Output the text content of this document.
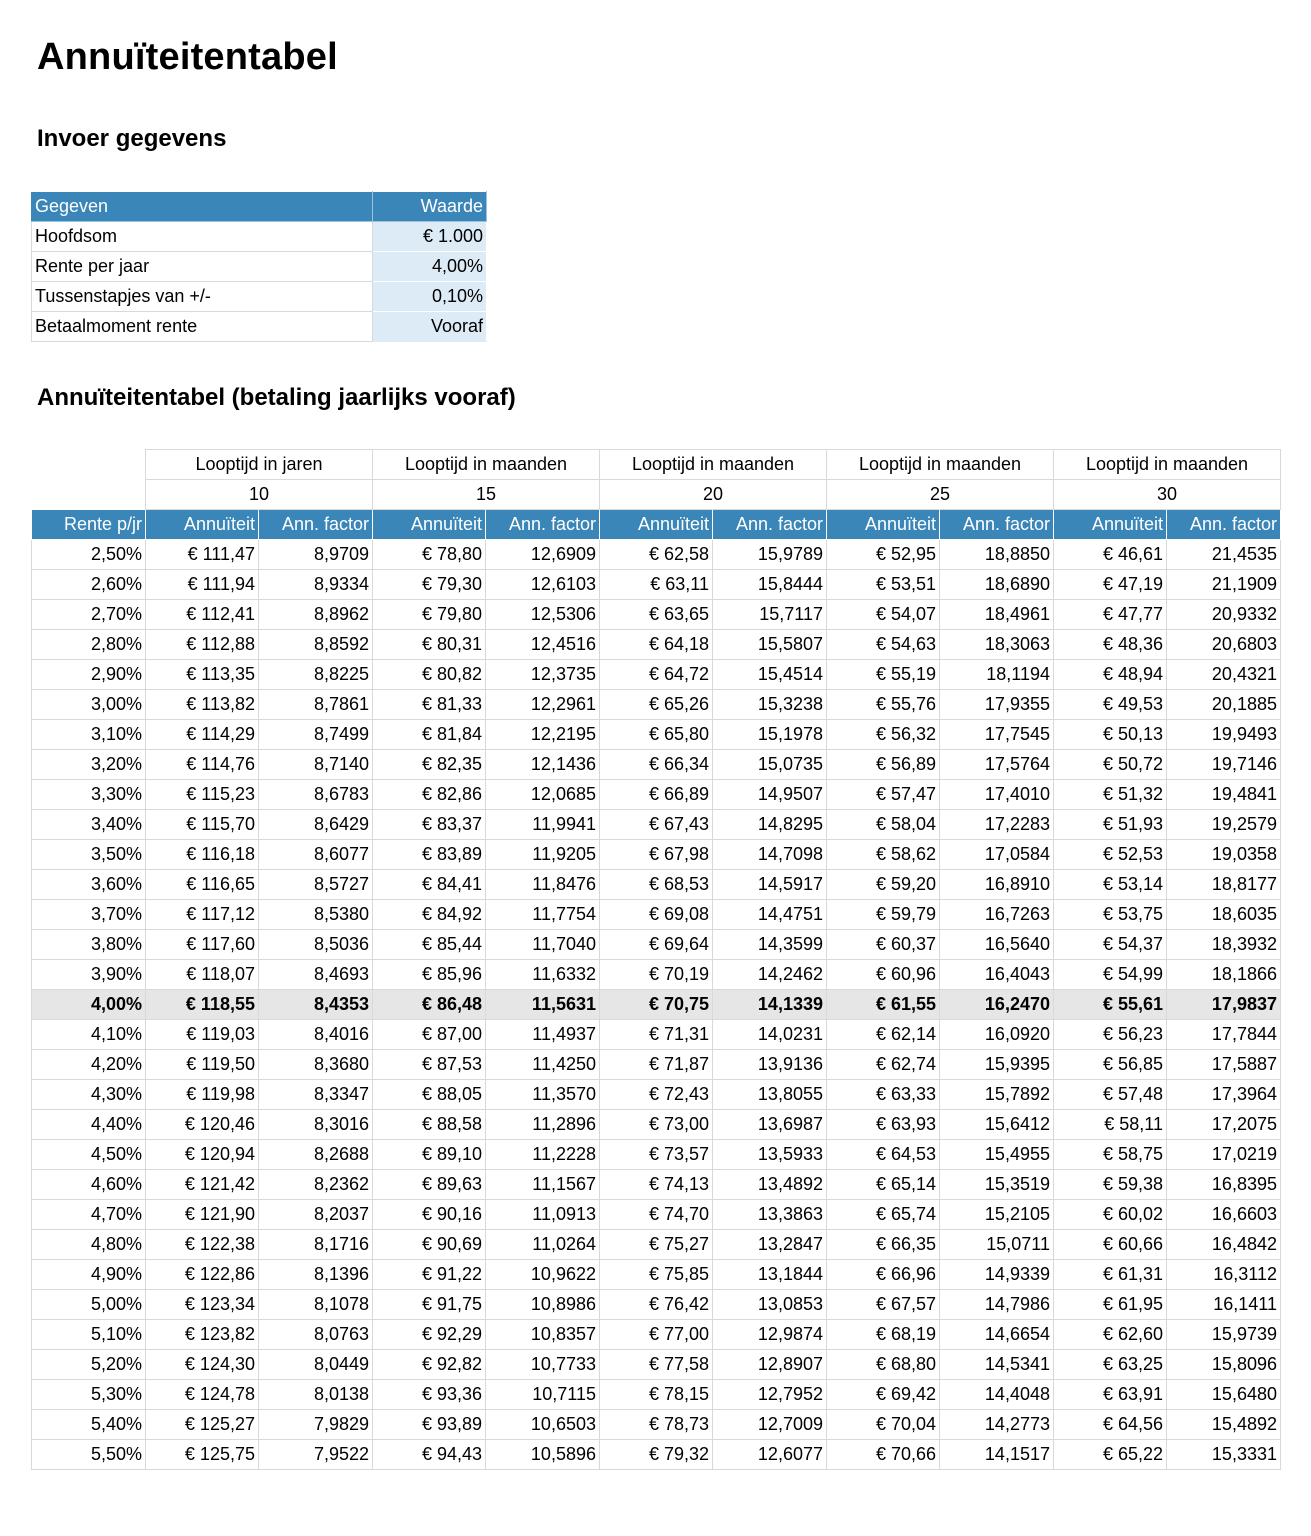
Annuïteitentabel
Invoer gegevens
Gegeven	Waarde
Hoofdsom	€ 1.000
Rente per jaar	4,00%
Tussenstapjes van +/-	0,10%
Betaalmoment rente	Vooraf
Annuïteitentabel (betaling jaarlijks vooraf)
	Looptijd in jaren		Looptijd in maanden		Looptijd in maanden		Looptijd in maanden		Looptijd in maanden	
	10		15		20		25		30	
Rente p/jr	Annuïteit	Ann. factor	Annuïteit	Ann. factor	Annuïteit	Ann. factor	Annuïteit	Ann. factor	Annuïteit	Ann. factor
2,50%	€ 111,47	8,9709	€ 78,80	12,6909	€ 62,58	15,9789	€ 52,95	18,8850	€ 46,61	21,4535
2,60%	€ 111,94	8,9334	€ 79,30	12,6103	€ 63,11	15,8444	€ 53,51	18,6890	€ 47,19	21,1909
2,70%	€ 112,41	8,8962	€ 79,80	12,5306	€ 63,65	15,7117	€ 54,07	18,4961	€ 47,77	20,9332
2,80%	€ 112,88	8,8592	€ 80,31	12,4516	€ 64,18	15,5807	€ 54,63	18,3063	€ 48,36	20,6803
2,90%	€ 113,35	8,8225	€ 80,82	12,3735	€ 64,72	15,4514	€ 55,19	18,1194	€ 48,94	20,4321
3,00%	€ 113,82	8,7861	€ 81,33	12,2961	€ 65,26	15,3238	€ 55,76	17,9355	€ 49,53	20,1885
3,10%	€ 114,29	8,7499	€ 81,84	12,2195	€ 65,80	15,1978	€ 56,32	17,7545	€ 50,13	19,9493
3,20%	€ 114,76	8,7140	€ 82,35	12,1436	€ 66,34	15,0735	€ 56,89	17,5764	€ 50,72	19,7146
3,30%	€ 115,23	8,6783	€ 82,86	12,0685	€ 66,89	14,9507	€ 57,47	17,4010	€ 51,32	19,4841
3,40%	€ 115,70	8,6429	€ 83,37	11,9941	€ 67,43	14,8295	€ 58,04	17,2283	€ 51,93	19,2579
3,50%	€ 116,18	8,6077	€ 83,89	11,9205	€ 67,98	14,7098	€ 58,62	17,0584	€ 52,53	19,0358
3,60%	€ 116,65	8,5727	€ 84,41	11,8476	€ 68,53	14,5917	€ 59,20	16,8910	€ 53,14	18,8177
3,70%	€ 117,12	8,5380	€ 84,92	11,7754	€ 69,08	14,4751	€ 59,79	16,7263	€ 53,75	18,6035
3,80%	€ 117,60	8,5036	€ 85,44	11,7040	€ 69,64	14,3599	€ 60,37	16,5640	€ 54,37	18,3932
3,90%	€ 118,07	8,4693	€ 85,96	11,6332	€ 70,19	14,2462	€ 60,96	16,4043	€ 54,99	18,1866
4,00%	€ 118,55	8,4353	€ 86,48	11,5631	€ 70,75	14,1339	€ 61,55	16,2470	€ 55,61	17,9837
4,10%	€ 119,03	8,4016	€ 87,00	11,4937	€ 71,31	14,0231	€ 62,14	16,0920	€ 56,23	17,7844
4,20%	€ 119,50	8,3680	€ 87,53	11,4250	€ 71,87	13,9136	€ 62,74	15,9395	€ 56,85	17,5887
4,30%	€ 119,98	8,3347	€ 88,05	11,3570	€ 72,43	13,8055	€ 63,33	15,7892	€ 57,48	17,3964
4,40%	€ 120,46	8,3016	€ 88,58	11,2896	€ 73,00	13,6987	€ 63,93	15,6412	€ 58,11	17,2075
4,50%	€ 120,94	8,2688	€ 89,10	11,2228	€ 73,57	13,5933	€ 64,53	15,4955	€ 58,75	17,0219
4,60%	€ 121,42	8,2362	€ 89,63	11,1567	€ 74,13	13,4892	€ 65,14	15,3519	€ 59,38	16,8395
4,70%	€ 121,90	8,2037	€ 90,16	11,0913	€ 74,70	13,3863	€ 65,74	15,2105	€ 60,02	16,6603
4,80%	€ 122,38	8,1716	€ 90,69	11,0264	€ 75,27	13,2847	€ 66,35	15,0711	€ 60,66	16,4842
4,90%	€ 122,86	8,1396	€ 91,22	10,9622	€ 75,85	13,1844	€ 66,96	14,9339	€ 61,31	16,3112
5,00%	€ 123,34	8,1078	€ 91,75	10,8986	€ 76,42	13,0853	€ 67,57	14,7986	€ 61,95	16,1411
5,10%	€ 123,82	8,0763	€ 92,29	10,8357	€ 77,00	12,9874	€ 68,19	14,6654	€ 62,60	15,9739
5,20%	€ 124,30	8,0449	€ 92,82	10,7733	€ 77,58	12,8907	€ 68,80	14,5341	€ 63,25	15,8096
5,30%	€ 124,78	8,0138	€ 93,36	10,7115	€ 78,15	12,7952	€ 69,42	14,4048	€ 63,91	15,6480
5,40%	€ 125,27	7,9829	€ 93,89	10,6503	€ 78,73	12,7009	€ 70,04	14,2773	€ 64,56	15,4892
5,50%	€ 125,75	7,9522	€ 94,43	10,5896	€ 79,32	12,6077	€ 70,66	14,1517	€ 65,22	15,3331
